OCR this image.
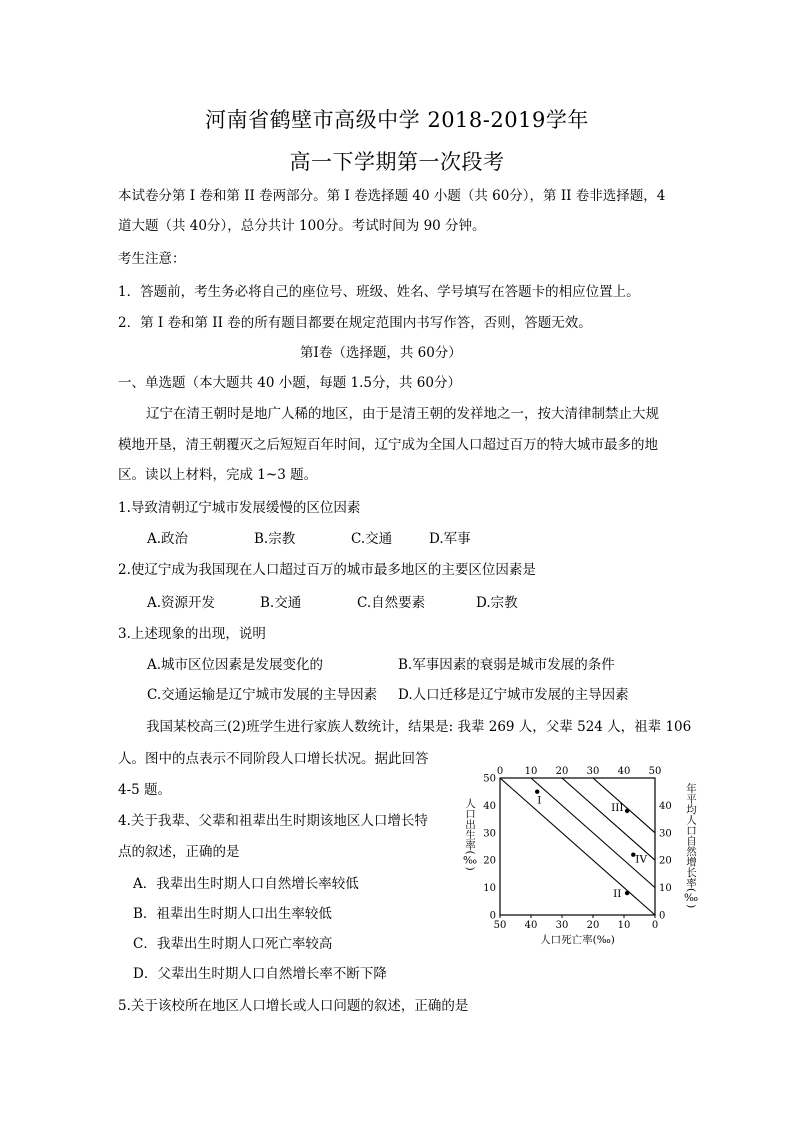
河南省鹤壁市高级中学 2018-2019学年
高一下学期第一次段考
本试卷分第 I 卷和第 II 卷两部分。第 I 卷选择题 40 小题（共 60分），第 II 卷非选择题，4
道大题（共 40分），总分共计 100分。考试时间为 90 分钟。
考生注意：
1．答题前，考生务必将自己的座位号、班级、姓名、学号填写在答题卡的相应位置上。
2．第 I 卷和第 II 卷的所有题目都要在规定范围内书写作答，否则，答题无效。
第Ⅰ卷（选择题，共 60分）
一、单选题（本大题共 40 小题，每题 1.5分，共 60分）
辽宁在清王朝时是地广人稀的地区，由于是清王朝的发祥地之一，按大清律制禁止大规
模地开垦，清王朝覆灭之后短短百年时间，辽宁成为全国人口超过百万的特大城市最多的地
区。读以上材料，完成 1~3 题。
1.导致清朝辽宁城市发展缓慢的区位因素
A.政治	B.宗教	C.交通	D.军事
2.使辽宁成为我国现在人口超过百万的城市最多地区的主要区位因素是
A.资源开发	B.交通	C.自然要素	D.宗教
3.上述现象的出现，说明
A.城市区位因素是发展变化的	B.军事因素的衰弱是城市发展的条件
C.交通运输是辽宁城市发展的主导因素 D.人口迁移是辽宁城市发展的主导因素
我国某校高三(2)班学生进行家族人数统计，结果是: 我辈 269 人，父辈 524 人，祖辈 106
人。图中的点表示不同阶段人口增长状况。据此回答
4-5 题。
4.关于我辈、父辈和祖辈出生时期该地区人口增长特
点的叙述，正确的是
A．我辈出生时期人口自然增长率较低
B．祖辈出生时期人口出生率较低
C．我辈出生时期人口死亡率较高
D．父辈出生时期人口自然增长率不断下降
5.关于该校所在地区人口增长或人口问题的叙述，正确的是
50 40 30 20 10 0
0 10 20 30 40 50
0
10
20
30
40
50
0
10
20
30
40
人口死亡率(‰)
人口出生率(‰)	年平均人口自然增长率(‰)
I
II
III
IV
